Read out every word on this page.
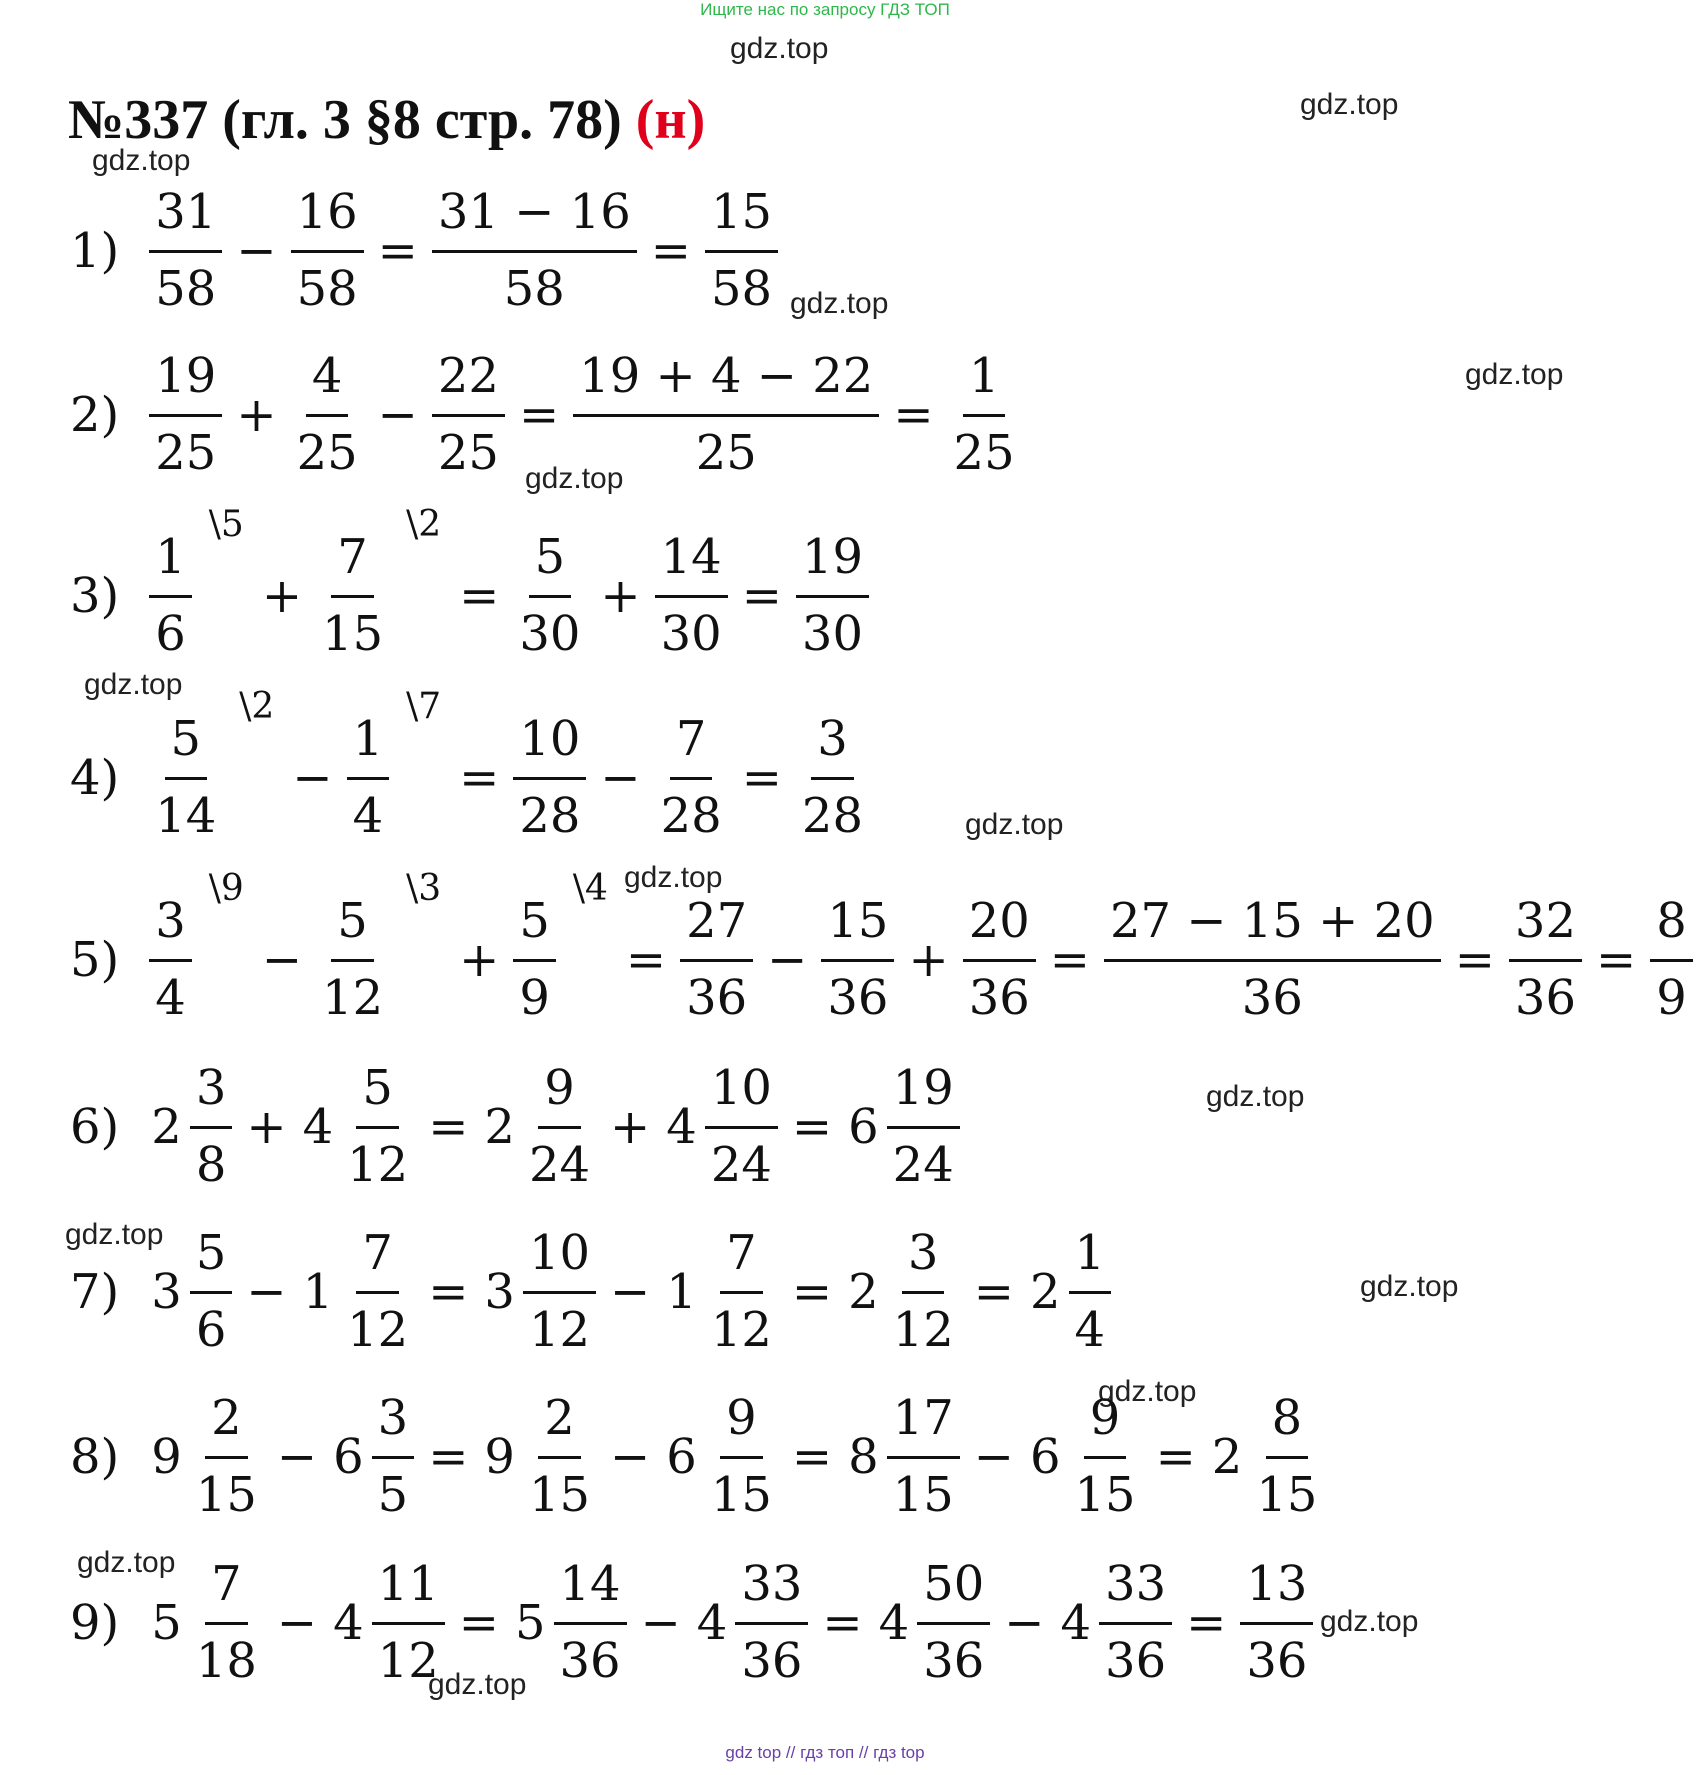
Ищите нас по запросу ГДЗ ТОП
gdz.top
gdz.top
gdz.top
gdz.top
gdz.top
gdz.top
gdz.top
gdz.top
gdz.top
gdz.top
gdz.top
gdz.top
gdz.top
gdz.top
gdz.top
gdz.top
№337 (гл. 3 §8 стр. 78) (н)
$1) \frac{31}{58} - \frac{16}{58} = \frac{31 - 16}{58} = \frac{15}{58}$
$2) \frac{19}{25} + \frac{4}{25} - \frac{22}{25} = \frac{19 + 4 - 22}{25} = \frac{1}{25}$
3)
1
6
\5
+
7
15
\2
= $\frac{5}{30} + \frac{14}{30} = \frac{19}{30}$
4)
5
14
\2
−
1
4
\7
= $\frac{10}{28} - \frac{7}{28} = \frac{3}{28}$
5)
3
4
\9
−
5
12
\3
+
5
9
\4
= $\frac{27}{36} - \frac{15}{36} + \frac{20}{36} = \frac{27 - 15 + 20}{36} = \frac{32}{36} = \frac{8}{9}$
6) $2 \frac{3}{8} + 4 \frac{5}{12} = 2 \frac{9}{24} + 4 \frac{10}{24} = 6 \frac{19}{24}$
7) $3 \frac{5}{6} - 1 \frac{7}{12} = 3 \frac{10}{12} - 1 \frac{7}{12} = 2 \frac{3}{12} = 2 \frac{1}{4}$
8) $9 \frac{2}{15} - 6 \frac{3}{5} = 9 \frac{2}{15} - 6 \frac{9}{15} = 8 \frac{17}{15} - 6 \frac{9}{15} = 2 \frac{8}{15}$
9) $5 \frac{7}{18} - 4 \frac{11}{12} = 5 \frac{14}{36} - 4 \frac{33}{36} = 4 \frac{50}{36} - 4 \frac{33}{36} = \frac{13}{36}$
gdz top // гдз топ // гдз top
